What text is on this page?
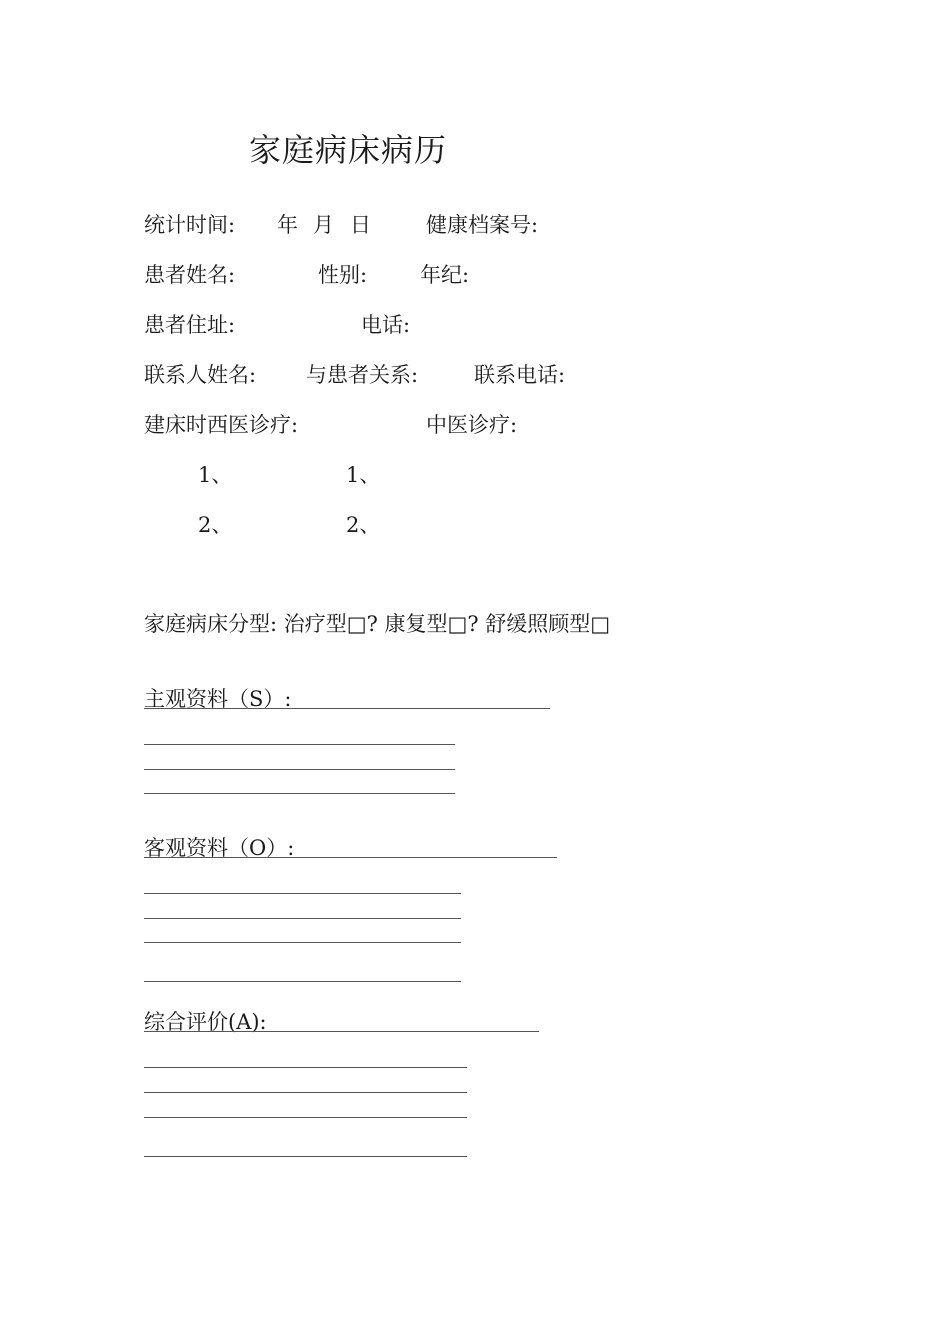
家庭病床病历
统计时间: 年 月 日	健康档案号:
患者姓名:	性别:	年纪:
患者住址:	电话:
联系人姓名: 与患者关系:	联系电话:
建床时西医诊疗:	中医诊疗:
1、	1、
2、	2、
家庭病床分型: 治疗型□? 康复型□? 舒缓照顾型□
主观资料（S）:
客观资料（O）:
综合评价(A):
